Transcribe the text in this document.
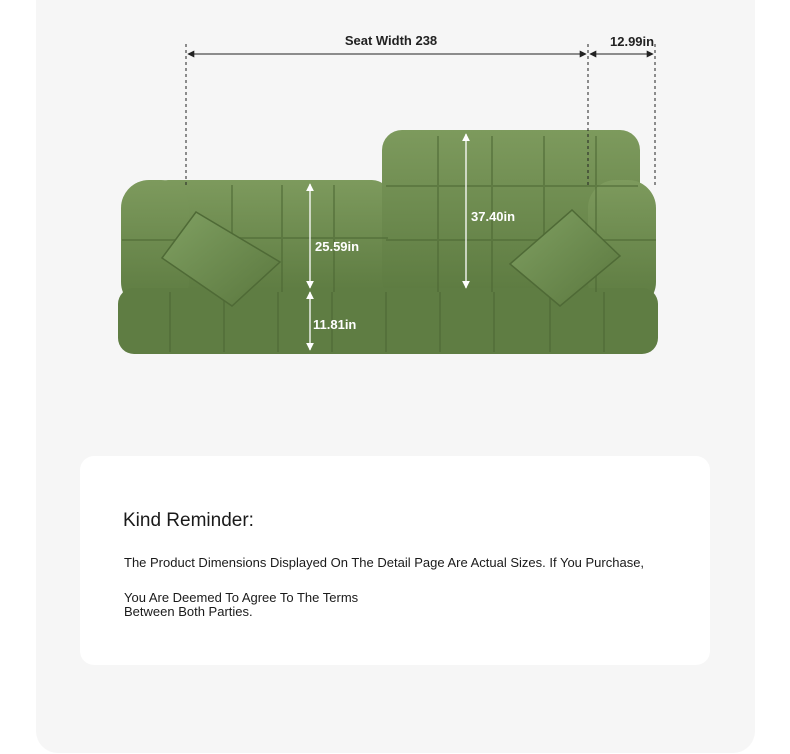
Seat Width 238	12.99in
37.40in
25.59in
11.81in
Kind Reminder:
The Product Dimensions Displayed On The Detail Page Are Actual Sizes. If You Purchase,
You Are Deemed To Agree To The Terms
Between Both Parties.
